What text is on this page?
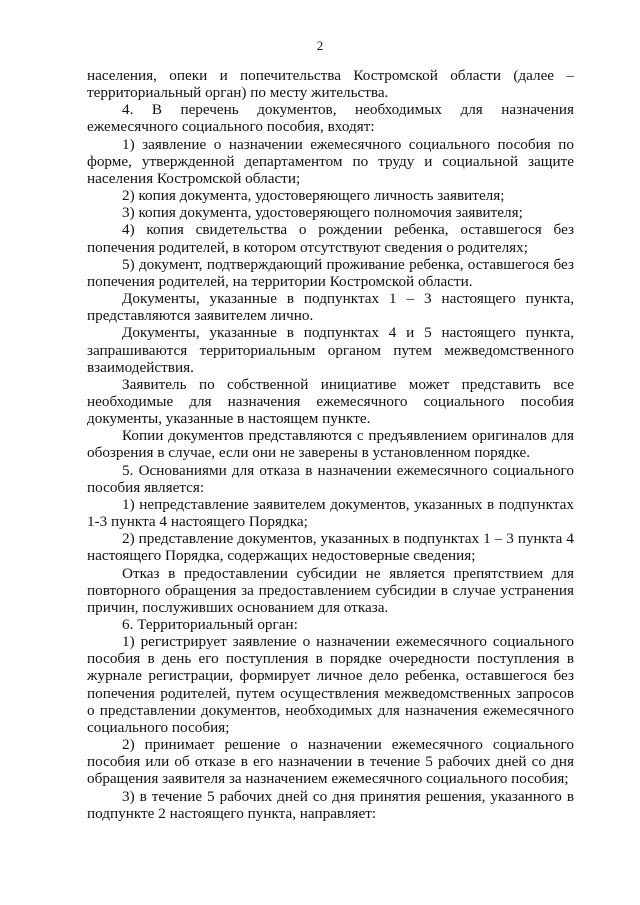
2

населения, опеки и попечительства Костромской области (далее – территориальный орган) по месту жительства.

4. В перечень документов, необходимых для назначения ежемесячного социального пособия, входят:

1) заявление о назначении ежемесячного социального пособия по форме, утвержденной департаментом по труду и социальной защите населения Костромской области;

2) копия документа, удостоверяющего личность заявителя;

3) копия документа, удостоверяющего полномочия заявителя;

4) копия свидетельства о рождении ребенка, оставшегося без попечения родителей, в котором отсутствуют сведения о родителях;

5) документ, подтверждающий проживание ребенка, оставшегося без попечения родителей, на территории Костромской области.

Документы, указанные в подпунктах 1 – 3 настоящего пункта, представляются заявителем лично.

Документы, указанные в подпунктах 4 и 5 настоящего пункта, запрашиваются территориальным органом путем межведомственного взаимодействия.

Заявитель по собственной инициативе может представить все необходимые для назначения ежемесячного социального пособия документы, указанные в настоящем пункте.

Копии документов представляются с предъявлением оригиналов для обозрения в случае, если они не заверены в установленном порядке.

5. Основаниями для отказа в назначении ежемесячного социального пособия является:

1) непредставление заявителем документов, указанных в подпунктах 1-3 пункта 4 настоящего Порядка;

2) представление документов, указанных в подпунктах 1 – 3 пункта 4 настоящего Порядка, содержащих недостоверные сведения;

Отказ в предоставлении субсидии не является препятствием для повторного обращения за предоставлением субсидии в случае устранения причин, послуживших основанием для отказа.

6. Территориальный орган:

1) регистрирует заявление о назначении ежемесячного социального пособия в день его поступления в порядке очередности поступления в журнале регистрации, формирует личное дело ребенка, оставшегося без попечения родителей, путем осуществления межведомственных запросов о представлении документов, необходимых для назначения ежемесячного социального пособия;

2) принимает решение о назначении ежемесячного социального пособия или об отказе в его назначении в течение 5 рабочих дней со дня обращения заявителя за назначением ежемесячного социального пособия;

3) в течение 5 рабочих дней со дня принятия решения, указанного в подпункте 2 настоящего пункта, направляет:
